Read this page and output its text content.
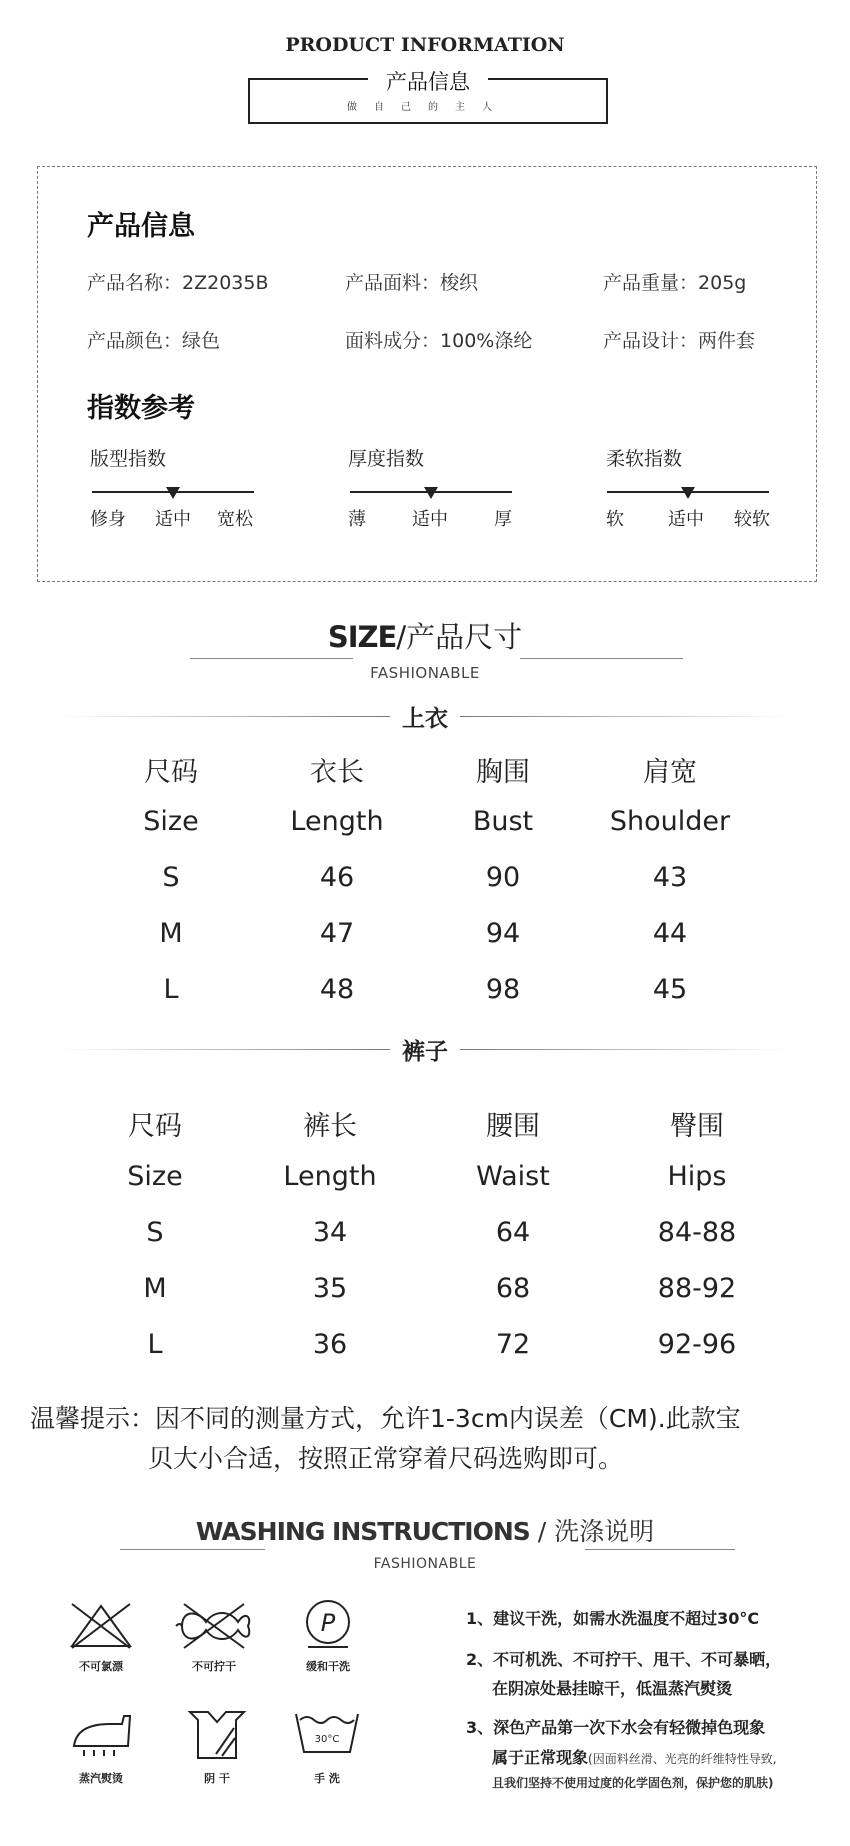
PRODUCT INFORMATION
产品信息
做自己的主人
产品信息
产品名称：2Z2035B	产品面料：梭织	产品重量：205g
产品颜色：绿色	面料成分：100%涤纶	产品设计：两件套
指数参考
版型指数
修身 适中 宽松
厚度指数
薄	适中	厚
柔软指数
软 适中 较软
SIZE/产品尺寸
FASHIONABLE
上衣
尺码	衣长	胸围	肩宽
Size	Length	Bust	Shoulder
S	46	90	43
M	47	94	44
L	48	98	45
裤子
尺码	裤长	腰围	臀围
Size	Length	Waist	Hips
S	34	64	84-88
M	35	68	88-92
L	36	72	92-96
温馨提示：因不同的测量方式，允许1-3cm内误差（CM).此款宝
贝大小合适，按照正常穿着尺码选购即可。
WASHING INSTRUCTIONS / 洗涤说明
FASHIONABLE
不可氯漂	不可拧干
P
缓和干洗
蒸汽熨烫	阴 干
30°C
手 洗
1、建议干洗，如需水洗温度不超过30°C
2、不可机洗、不可拧干、甩干、不可暴晒，
在阴凉处悬挂晾干，低温蒸汽熨烫
3、深色产品第一次下水会有轻微掉色现象
属于正常现象(因面料丝滑、光亮的纤维特性导致,
且我们坚持不使用过度的化学固色剂，保护您的肌肤)
